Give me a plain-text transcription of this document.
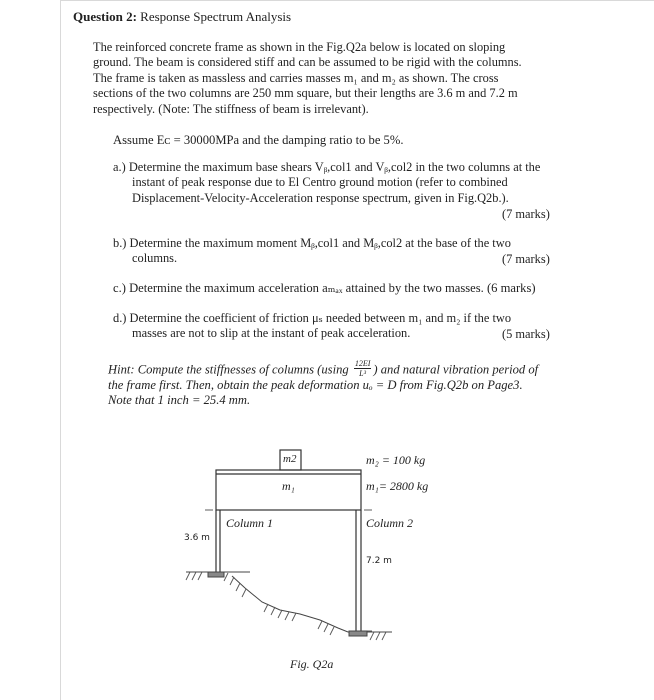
Question 2: Response Spectrum Analysis
The reinforced concrete frame as shown in the Fig.Q2a below is located on sloping
ground. The beam is considered stiff and can be assumed to be rigid with the columns.
The frame is taken as massless and carries masses m₁ and m₂ as shown. The cross
sections of the two columns are 250 mm square, but their lengths are 3.6 m and 7.2 m
respectively. (Note: The stiffness of beam is irrelevant).
Assume Eᴄ = 30000MPa and the damping ratio to be 5%.
a.) Determine the maximum base shears Vᵦ,col1 and Vᵦ,col2 in the two columns at the
instant of peak response due to El Centro ground motion (refer to combined
Displacement-Velocity-Acceleration response spectrum, given in Fig.Q2b.).
(7 marks)
b.) Determine the maximum moment Mᵦ,col1 and Mᵦ,col2 at the base of the two
columns.	(7 marks)
c.) Determine the maximum acceleration aₘₐₓ attained by the two masses. (6 marks)
d.) Determine the coefficient of friction μₛ needed between m₁ and m₂ if the two
masses are not to slip at the instant of peak acceleration.	(5 marks)
Hint: Compute the stiffnesses of columns ($using \frac{12EI}{\text{L³}}$ ) and natural vibration period of
the frame first. Then, obtain the peak deformation uₒ = D from Fig.Q2b on Page3.
Note that 1 inch = 25.4 mm.
m2
m₁
m₂ = 100 kg
m₁= 2800 kg
Column 1	Column 2
3.6 m
7.2 m
Fig. Q2a
